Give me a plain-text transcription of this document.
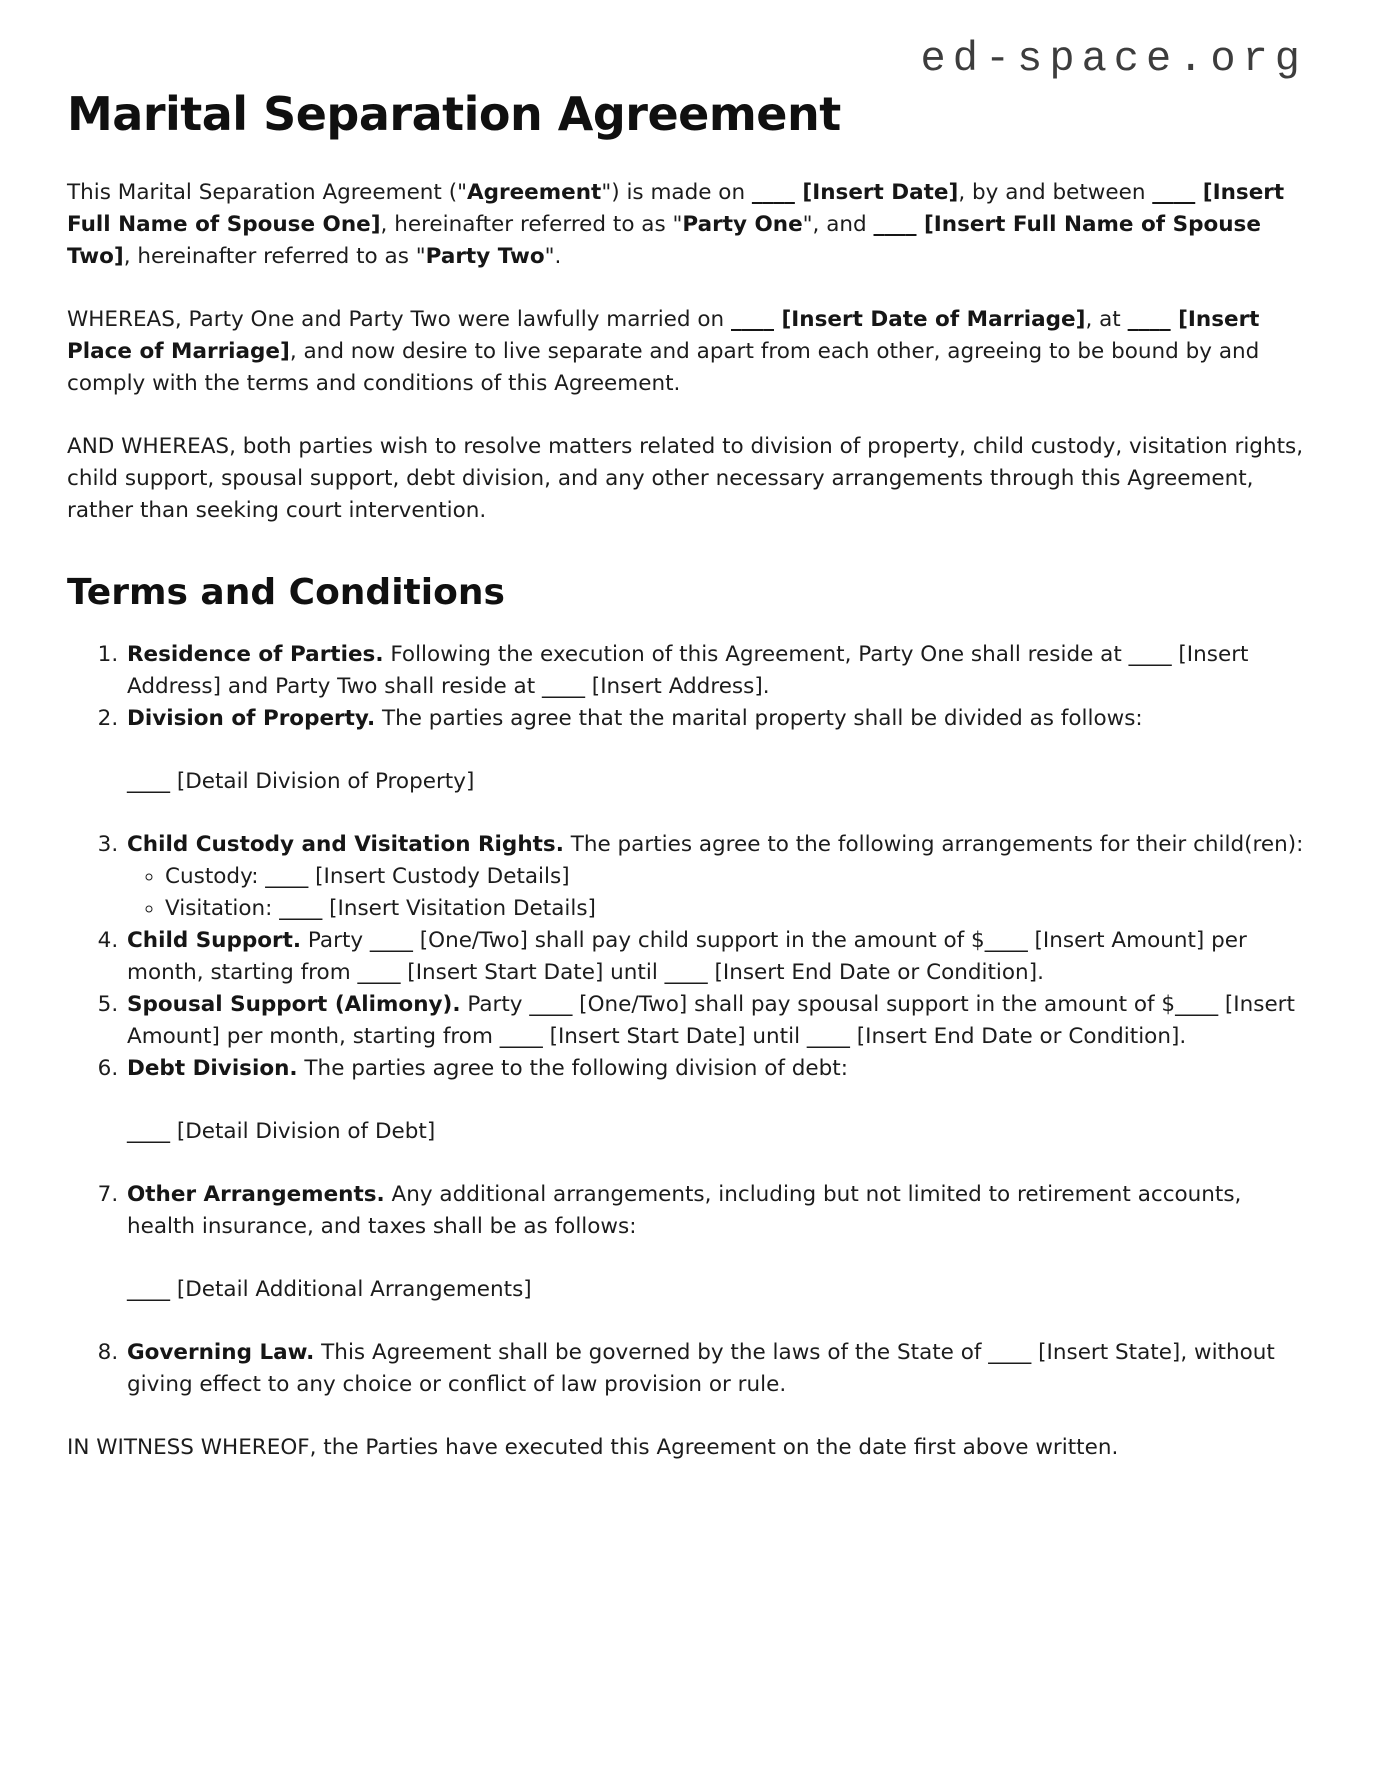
ed-space.org
Marital Separation Agreement

This Marital Separation Agreement ("Agreement") is made on ____ [Insert Date], by and between ____ [Insert Full Name of Spouse One], hereinafter referred to as "Party One", and ____ [Insert Full Name of Spouse Two], hereinafter referred to as "Party Two".

WHEREAS, Party One and Party Two were lawfully married on ____ [Insert Date of Marriage], at ____ [Insert Place of Marriage], and now desire to live separate and apart from each other, agreeing to be bound by and comply with the terms and conditions of this Agreement.

AND WHEREAS, both parties wish to resolve matters related to division of property, child custody, visitation rights, child support, spousal support, debt division, and any other necessary arrangements through this Agreement, rather than seeking court intervention.

Terms and Conditions
1. Residence of Parties. Following the execution of this Agreement, Party One shall reside at ____ [Insert Address] and Party Two shall reside at ____ [Insert Address].
2. Division of Property. The parties agree that the marital property shall be divided as follows:
____ [Detail Division of Property]
3. Child Custody and Visitation Rights. The parties agree to the following arrangements for their child(ren):
◦ Custody: ____ [Insert Custody Details]
◦ Visitation: ____ [Insert Visitation Details]
4. Child Support. Party ____ [One/Two] shall pay child support in the amount of $____ [Insert Amount] per month, starting from ____ [Insert Start Date] until ____ [Insert End Date or Condition].
5. Spousal Support (Alimony). Party ____ [One/Two] shall pay spousal support in the amount of $____ [Insert Amount] per month, starting from ____ [Insert Start Date] until ____ [Insert End Date or Condition].
6. Debt Division. The parties agree to the following division of debt:
____ [Detail Division of Debt]
7. Other Arrangements. Any additional arrangements, including but not limited to retirement accounts, health insurance, and taxes shall be as follows:
____ [Detail Additional Arrangements]
8. Governing Law. This Agreement shall be governed by the laws of the State of ____ [Insert State], without giving effect to any choice or conflict of law provision or rule.

IN WITNESS WHEREOF, the Parties have executed this Agreement on the date first above written.
